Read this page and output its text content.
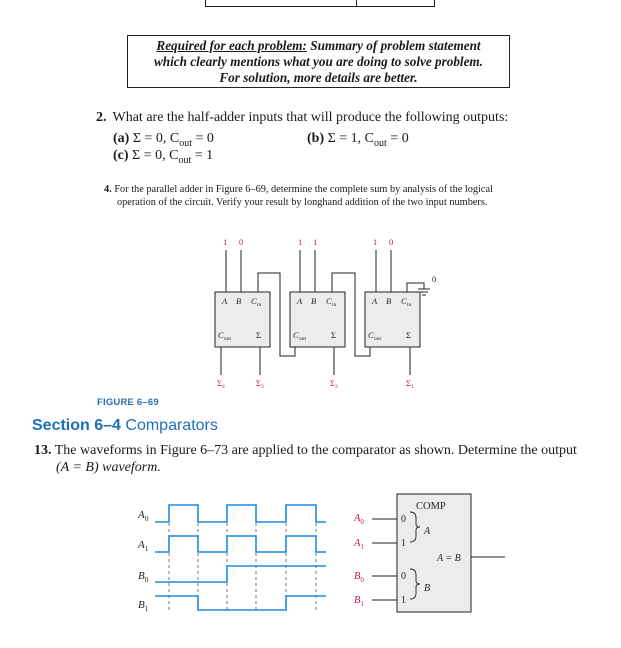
Required for each problem: Summary of problem statement
which clearly mentions what you are doing to solve problem.
For solution, more details are better.
2. What are the half-adder inputs that will produce the following outputs:
(a) Σ = 0, $C_{out} = 0$	(b) Σ = 1, $C_{out} = 0$
(c) Σ = 0, $C_{out} = 1$
4. For the parallel adder in Figure 6–69, determine the complete sum by analysis of the logical
operation of the circuit. Verify your result by longhand addition of the two input numbers.
1 0	1 1	1 0
0
A B C in
C out	Σ
A B C in
C out	Σ
A B C in
C out	Σ
$\Sigma_4$	$\Sigma_3$	$\Sigma_2$	$\Sigma_1$
$A_0$
$A_1$
$B_0$
$B_1$
COMP
0
1
0
1
A
B
A = B
$A_0$
$A_1$
$B_0$
$B_1$
FIGURE 6–69
Section 6–4 Comparators
13. The waveforms in Figure 6–73 are applied to the comparator as shown. Determine the output
(A = B) waveform.
